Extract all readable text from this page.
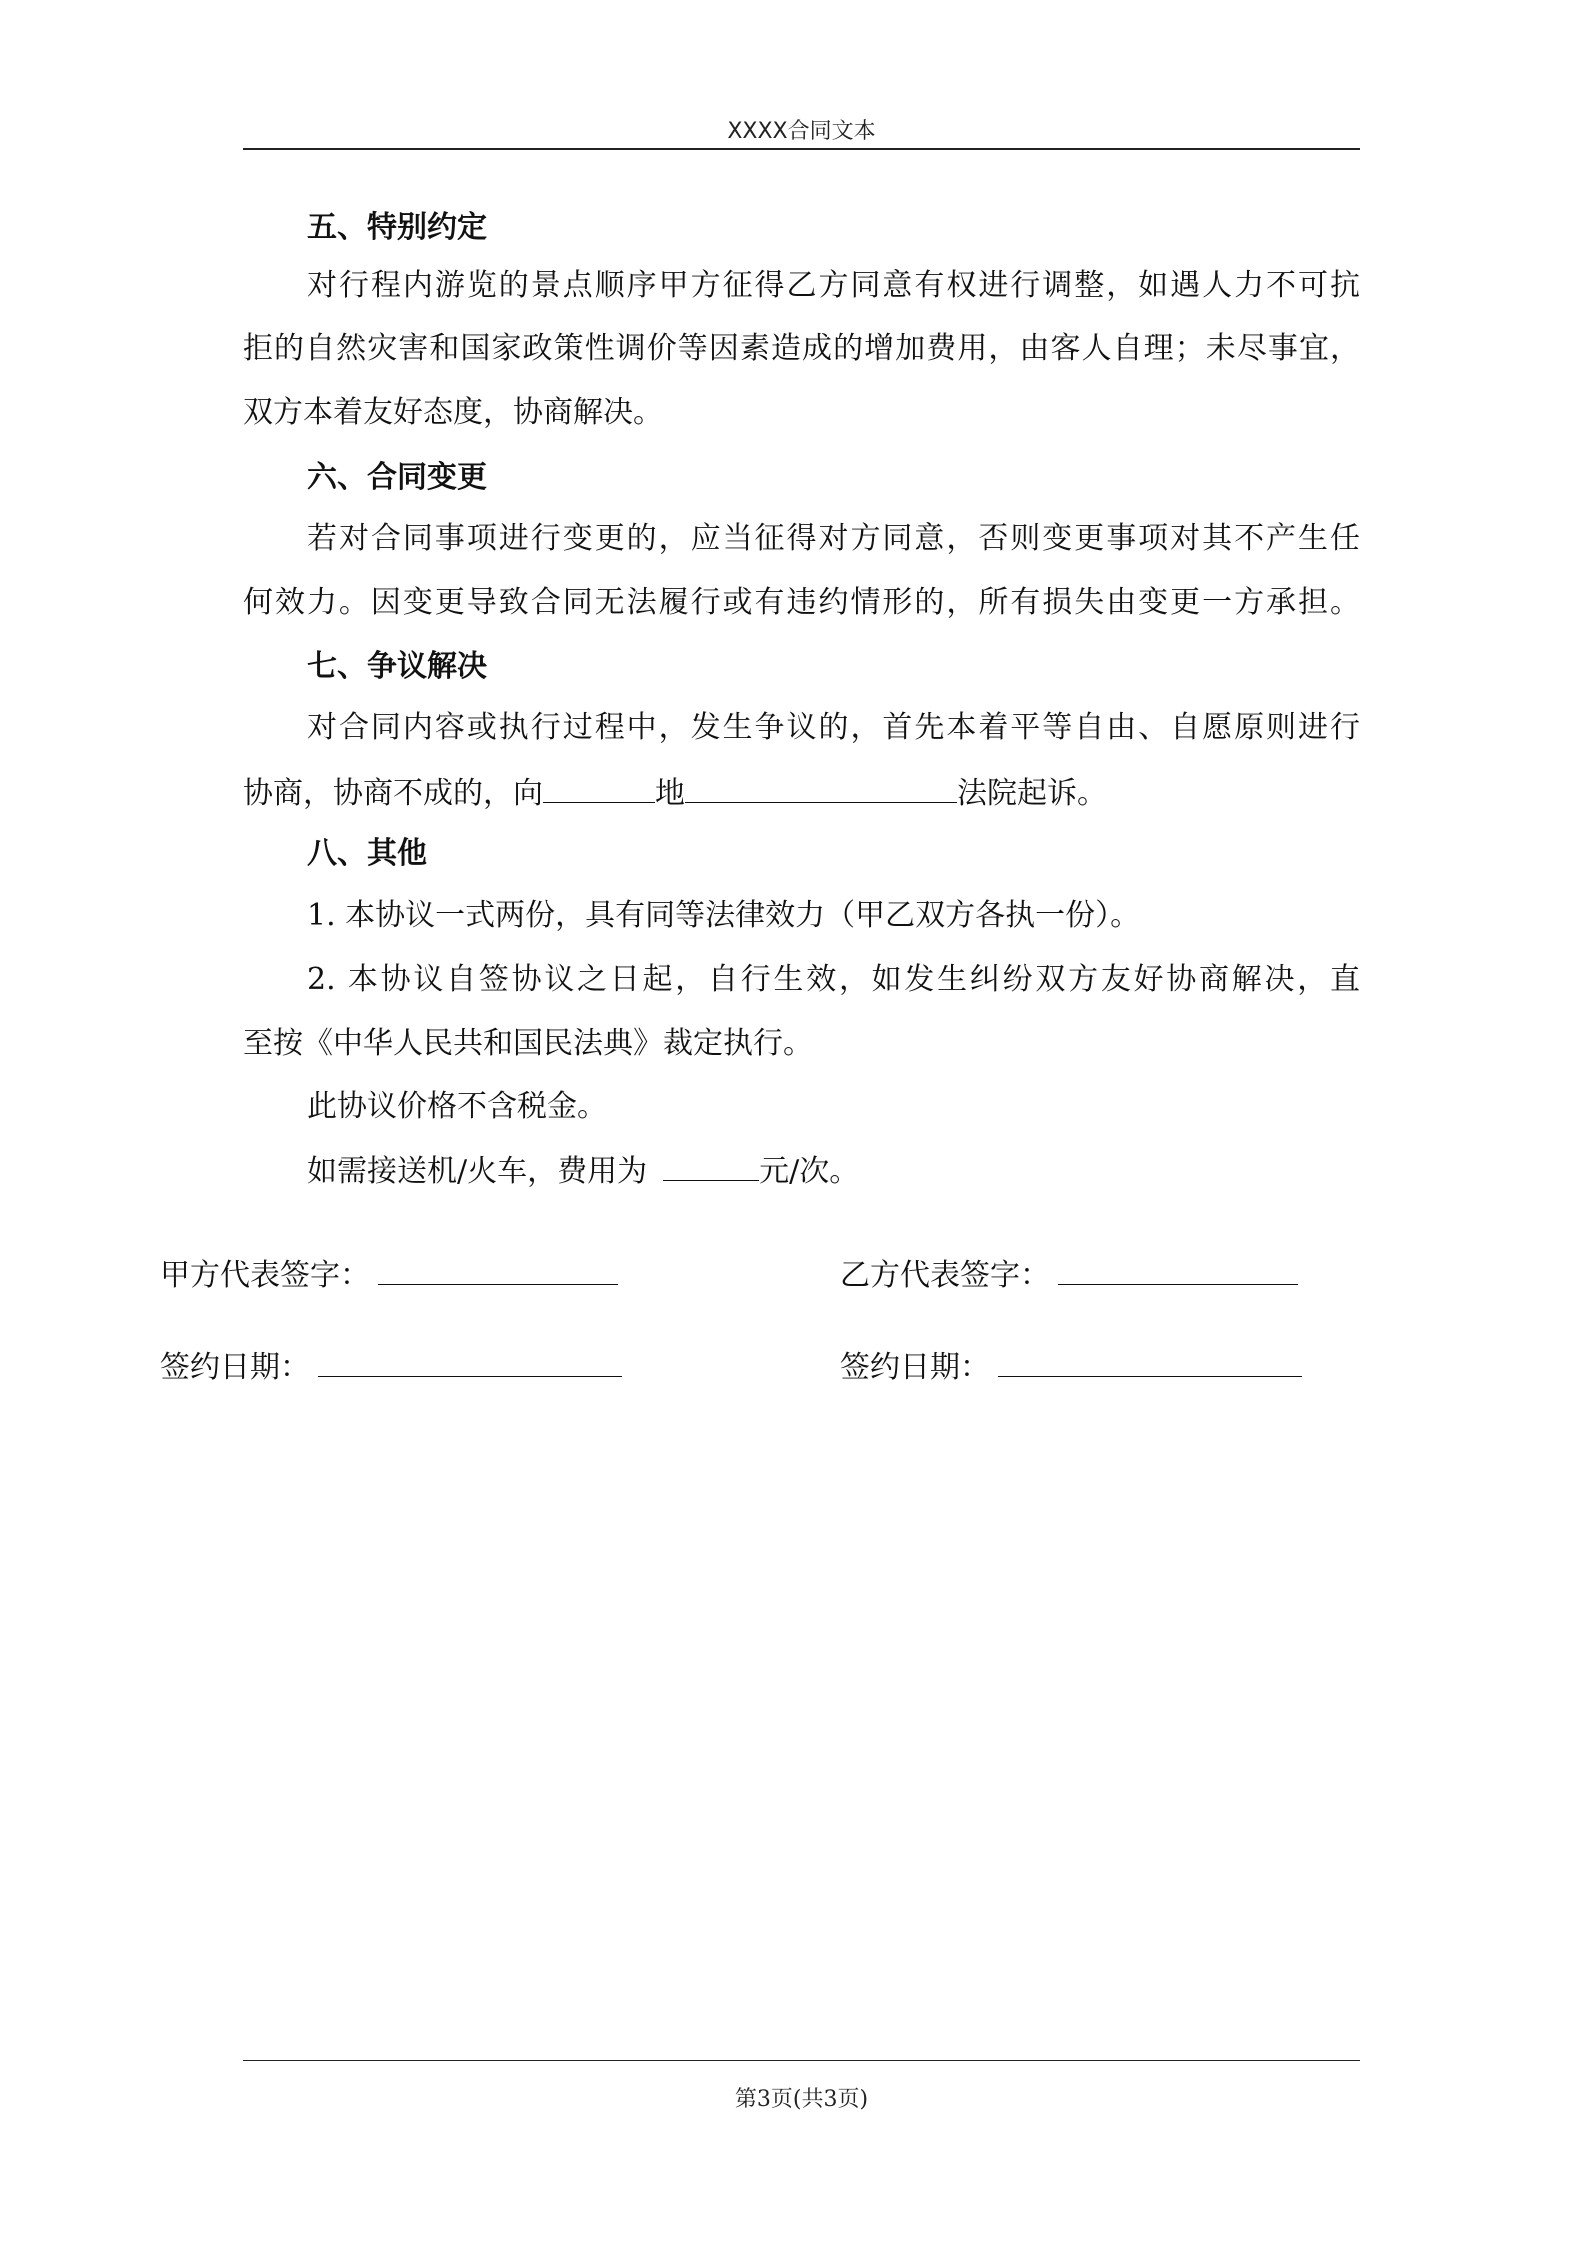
XXXX合同文本
五、特别约定
对行程内游览的景点顺序甲方征得乙方同意有权进行调整，如遇人力不可抗
拒的自然灾害和国家政策性调价等因素造成的增加费用，由客人自理；未尽事宜，
双方本着友好态度，协商解决。
六、合同变更
若对合同事项进行变更的，应当征得对方同意，否则变更事项对其不产生任
何效力。因变更导致合同无法履行或有违约情形的，所有损失由变更一方承担。
七、争议解决
对合同内容或执行过程中，发生争议的，首先本着平等自由、自愿原则进行
协商，协商不成的，向	地	法院起诉。
八、其他
1. 本协议一式两份，具有同等法律效力（甲乙双方各执一份）。
2. 本协议自签协议之日起，自行生效，如发生纠纷双方友好协商解决，直
至按《中华人民共和国民法典》裁定执行。
此协议价格不含税金。
如需接送机/火车，费用为	元/次。
甲方代表签字：	乙方代表签字：
签约日期：	签约日期：
第3页(共3页)
